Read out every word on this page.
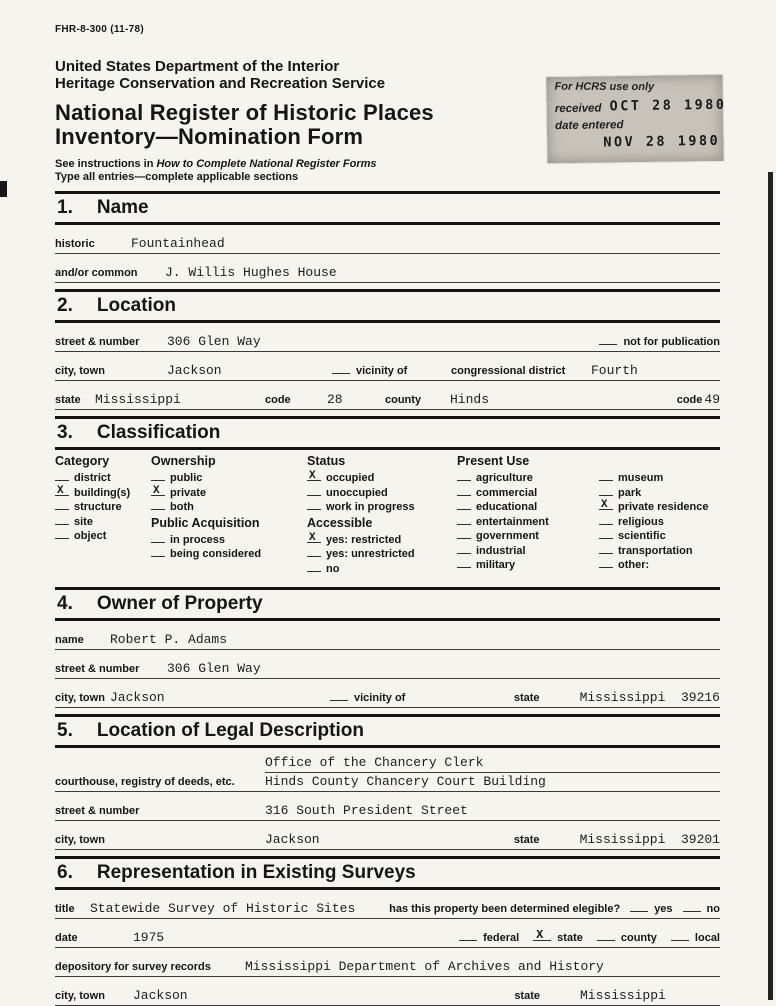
FHR-8-300 (11-78)
United States Department of the Interior
Heritage Conservation and Recreation Service
National Register of Historic Places
Inventory—Nomination Form
See instructions in How to Complete National Register Forms
Type all entries—complete applicable sections
For HCRS use only
received OCT 28 1980
date entered
NOV 28 1980
1. Name
historic	Fountainhead
and/or common	J. Willis Hughes House
2. Location
street & number	306 Glen Way	not for publication
city, town	Jackson	vicinity of	congressional district	Fourth
state	Mississippi	code	28	county	Hinds	code 49
3. Classification
Category
district
X building(s)
structure
site
object
Ownership
public
X private
both
Public Acquisition
in process
being considered
Status
X occupied
unoccupied
work in progress
Accessible
X yes: restricted
yes: unrestricted
no
Present Use
agriculture
commercial
educational
entertainment
government
industrial
military
museum
park
X private residence
religious
scientific
transportation
other:
4. Owner of Property
name	Robert P. Adams
street & number	306 Glen Way
city, town Jackson	vicinity of	state	Mississippi  39216
5. Location of Legal Description
courthouse, registry of deeds, etc.
Office of the Chancery Clerk
Hinds County Chancery Court Building
street & number	316 South President Street
city, town	Jackson	state	Mississippi  39201
6. Representation in Existing Surveys
title	Statewide Survey of Historic Sites	has this property been determined elegible?	yes	no
date	1975	federal X state	county	local
depository for survey records	Mississippi Department of Archives and History
city, town	Jackson	state	Mississippi
